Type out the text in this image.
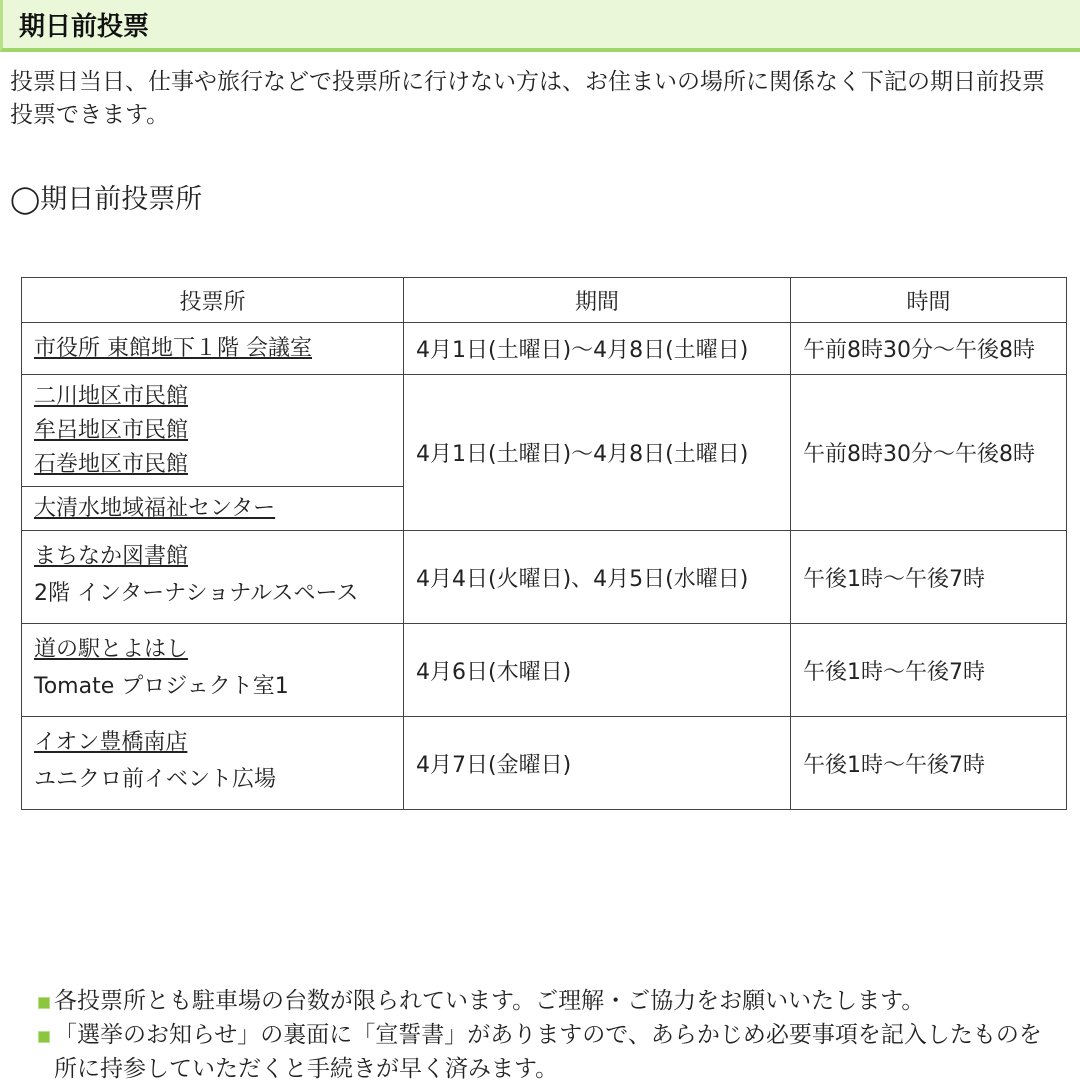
期日前投票
投票日当日、仕事や旅行などで投票所に行けない方は、お住まいの場所に関係なく下記の期日前投票
投票できます。
◯期日前投票所
投票所	期間	時間

市役所 東館地下１階 会議室	4月1日(土曜日)〜4月8日(土曜日)	午前8時30分〜午後8時

二川地区市民館
牟呂地区市民館
石巻地区市民館	4月1日(土曜日)〜4月8日(土曜日)	午前8時30分〜午後8時

大清水地域福祉センター		

まちなか図書館
2階 インターナショナルスペース	4月4日(火曜日)、4月5日(水曜日)	午後1時〜午後7時

道の駅とよはし
Tomate プロジェクト室1	4月6日(木曜日)	午後1時〜午後7時

イオン豊橋南店
ユニクロ前イベント広場	4月7日(金曜日)	午後1時〜午後7時
各投票所とも駐車場の台数が限られています。ご理解・ご協力をお願いいたします。
「選挙のお知らせ」の裏面に「宣誓書」がありますので、あらかじめ必要事項を記入したものを
所に持参していただくと手続きが早く済みます。
